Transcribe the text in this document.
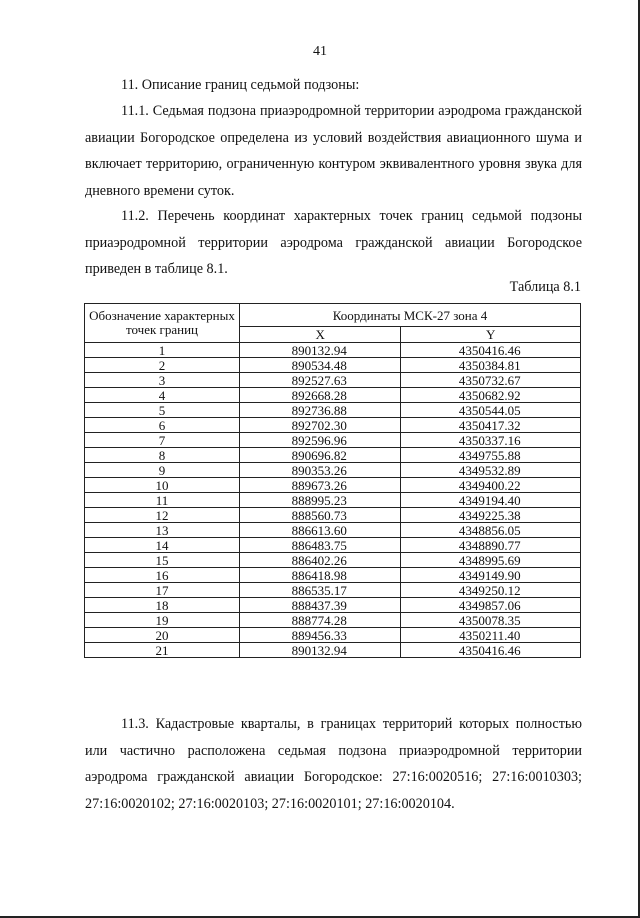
41

11. Описание границ седьмой подзоны:

11.1. Седьмая подзона приаэродромной территории аэродрома гражданской авиации Богородское определена из условий воздействия авиационного шума и включает территорию, ограниченную контуром эквивалентного уровня звука для дневного времени суток.

11.2. Перечень координат характерных точек границ седьмой подзоны приаэродромной территории аэродрома гражданской авиации Богородское приведен в таблице 8.1.

Таблица 8.1
Обозначение характерных точек границ	Координаты МСК-27 зона 4	
	X	Y
1	890132.94	4350416.46
2	890534.48	4350384.81
3	892527.63	4350732.67
4	892668.28	4350682.92
5	892736.88	4350544.05
6	892702.30	4350417.32
7	892596.96	4350337.16
8	890696.82	4349755.88
9	890353.26	4349532.89
10	889673.26	4349400.22
11	888995.23	4349194.40
12	888560.73	4349225.38
13	886613.60	4348856.05
14	886483.75	4348890.77
15	886402.26	4348995.69
16	886418.98	4349149.90
17	886535.17	4349250.12
18	888437.39	4349857.06
19	888774.28	4350078.35
20	889456.33	4350211.40
21	890132.94	4350416.46

11.3. Кадастровые кварталы, в границах территорий которых полностью или частично расположена седьмая подзона приаэродромной территории аэродрома гражданской авиации Богородское: 27:16:0020516; 27:16:0010303; 27:16:0020102; 27:16:0020103; 27:16:0020101; 27:16:0020104.
